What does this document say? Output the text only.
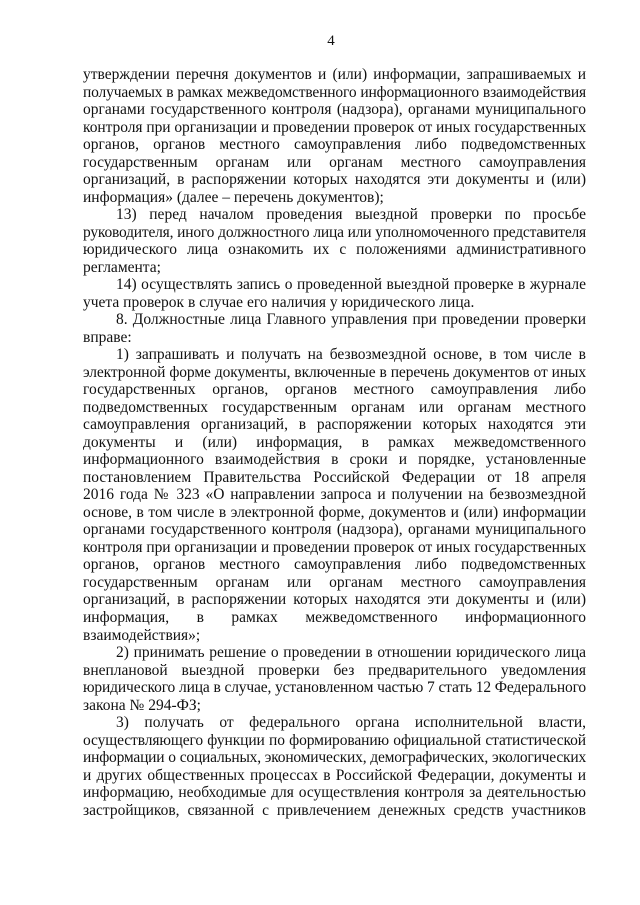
4
утверждении перечня документов и (или) информации, запрашиваемых и
получаемых в рамках межведомственного информационного взаимодействия
органами государственного контроля (надзора), органами муниципального
контроля при организации и проведении проверок от иных государственных
органов, органов местного самоуправления либо подведомственных
государственным органам или органам местного самоуправления
организаций, в распоряжении которых находятся эти документы и (или)
информация» (далее – перечень документов);
13) перед началом проведения выездной проверки по просьбе
руководителя, иного должностного лица или уполномоченного представителя
юридического лица ознакомить их с положениями административного
регламента;
14) осуществлять запись о проведенной выездной проверке в журнале
учета проверок в случае его наличия у юридического лица.
8. Должностные лица Главного управления при проведении проверки
вправе:
1) запрашивать и получать на безвозмездной основе, в том числе в
электронной форме документы, включенные в перечень документов от иных
государственных органов, органов местного самоуправления либо
подведомственных государственным органам или органам местного
самоуправления организаций, в распоряжении которых находятся эти
документы и (или) информация, в рамках межведомственного
информационного взаимодействия в сроки и порядке, установленные
постановлением Правительства Российской Федерации от 18 апреля
2016 года № 323 «О направлении запроса и получении на безвозмездной
основе, в том числе в электронной форме, документов и (или) информации
органами государственного контроля (надзора), органами муниципального
контроля при организации и проведении проверок от иных государственных
органов, органов местного самоуправления либо подведомственных
государственным органам или органам местного самоуправления
организаций, в распоряжении которых находятся эти документы и (или)
информация, в рамках межведомственного информационного
взаимодействия»;
2) принимать решение о проведении в отношении юридического лица
внеплановой выездной проверки без предварительного уведомления
юридического лица в случае, установленном частью 7 стать 12 Федерального
закона № 294-ФЗ;
3) получать от федерального органа исполнительной власти,
осуществляющего функции по формированию официальной статистической
информации о социальных, экономических, демографических, экологических
и других общественных процессах в Российской Федерации, документы и
информацию, необходимые для осуществления контроля за деятельностью
застройщиков, связанной с привлечением денежных средств участников
